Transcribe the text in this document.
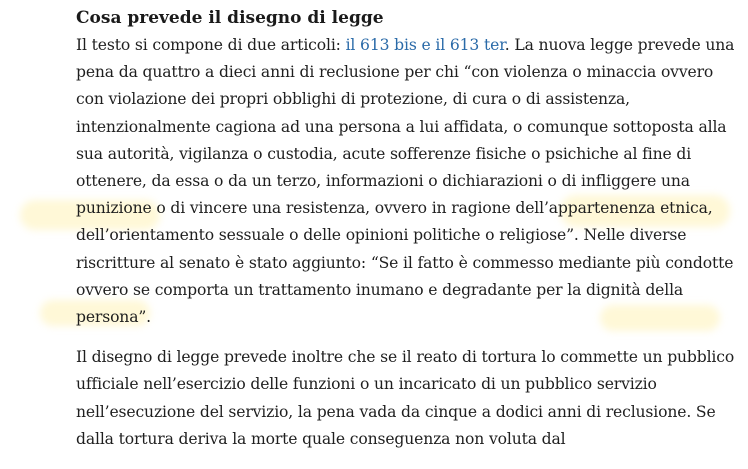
Cosa prevede il disegno di legge

Il testo si compone di due articoli: il 613 bis e il 613 ter. La nuova legge prevede una pena da quattro a dieci anni di reclusione per chi “con violenza o minaccia ovvero con violazione dei propri obblighi di protezione, di cura o di assistenza, intenzionalmente cagiona ad una persona a lui affidata, o comunque sottoposta alla sua autorità, vigilanza o custodia, acute sofferenze fisiche o psichiche al fine di ottenere, da essa o da un terzo, informazioni o dichiarazioni o di infliggere una punizione o di vincere una resistenza, ovvero in ragione dell’appartenenza etnica, dell’orientamento sessuale o delle opinioni politiche o religiose”. Nelle diverse riscritture al senato è stato aggiunto: “Se il fatto è commesso mediante più condotte ovvero se comporta un trattamento inumano e degradante per la dignità della persona”.

Il disegno di legge prevede inoltre che se il reato di tortura lo commette un pubblico ufficiale nell’esercizio delle funzioni o un incaricato di un pubblico servizio nell’esecuzione del servizio, la pena vada da cinque a dodici anni di reclusione. Se dalla tortura deriva la morte quale conseguenza non voluta dal
